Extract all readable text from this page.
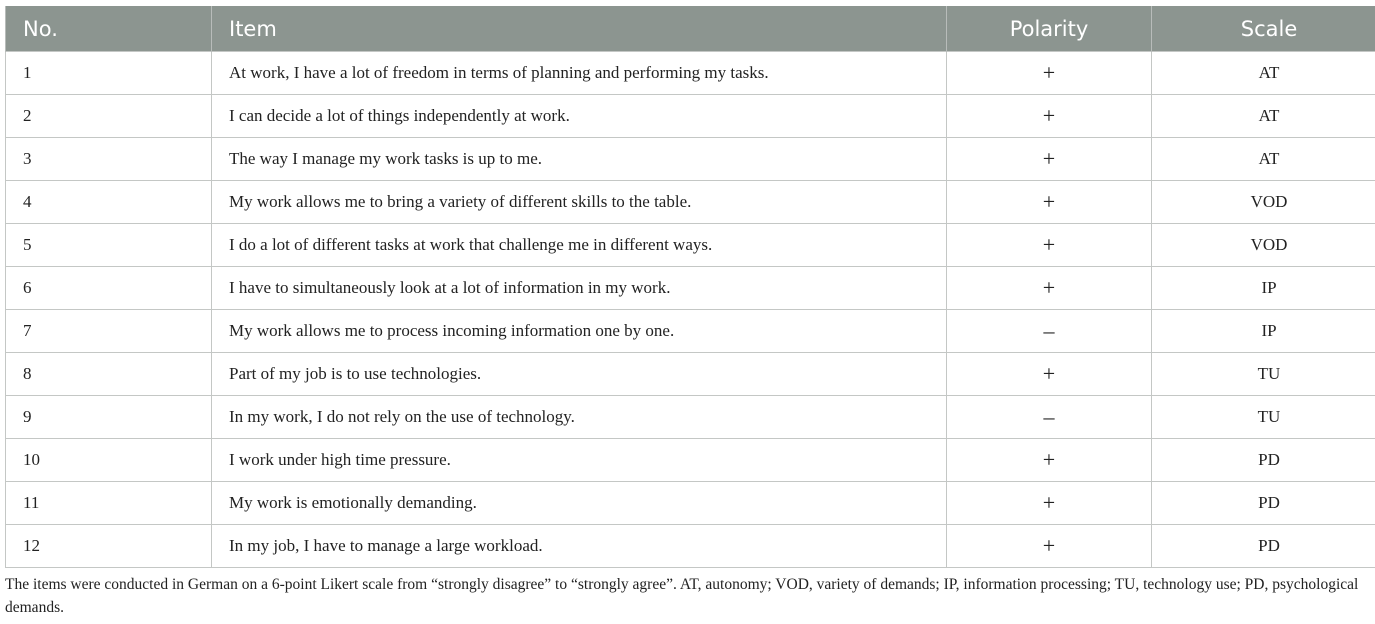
No.	Item	Polarity	Scale
1	At work, I have a lot of freedom in terms of planning and performing my tasks.	+	AT
2	I can decide a lot of things independently at work.	+	AT
3	The way I manage my work tasks is up to me.	+	AT
4	My work allows me to bring a variety of different skills to the table.	+	VOD
5	I do a lot of different tasks at work that challenge me in different ways.	+	VOD
6	I have to simultaneously look at a lot of information in my work.	+	IP
7	My work allows me to process incoming information one by one.	–	IP
8	Part of my job is to use technologies.	+	TU
9	In my work, I do not rely on the use of technology.	–	TU
10	I work under high time pressure.	+	PD
11	My work is emotionally demanding.	+	PD
12	In my job, I have to manage a large workload.	+	PD

The items were conducted in German on a 6-point Likert scale from “strongly disagree” to “strongly agree”. AT, autonomy; VOD, variety of demands; IP, information processing; TU, technology use; PD, psychological demands.
